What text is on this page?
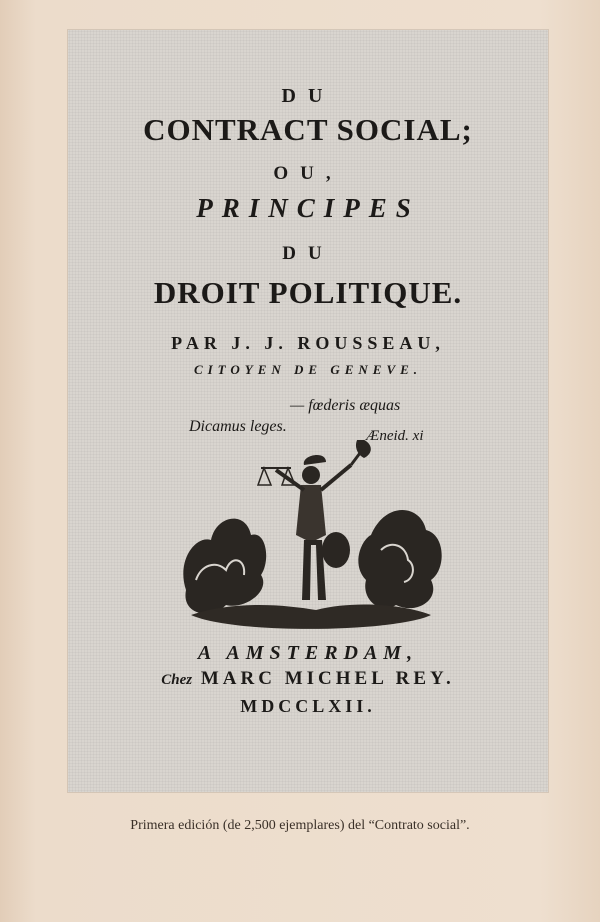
DU
CONTRACT SOCIAL;
OU,
PRINCIPES
DU
DROIT POLITIQUE.
PAR J. J. ROUSSEAU,
CITOYEN DE GENEVE.
— fœderis æquas
Dicamus leges.
Æneid. xi
A AMSTERDAM,
Chez MARC MICHEL REY.
MDCCLXII.
Primera edición (de 2,500 ejemplares) del “Contrato social”.
